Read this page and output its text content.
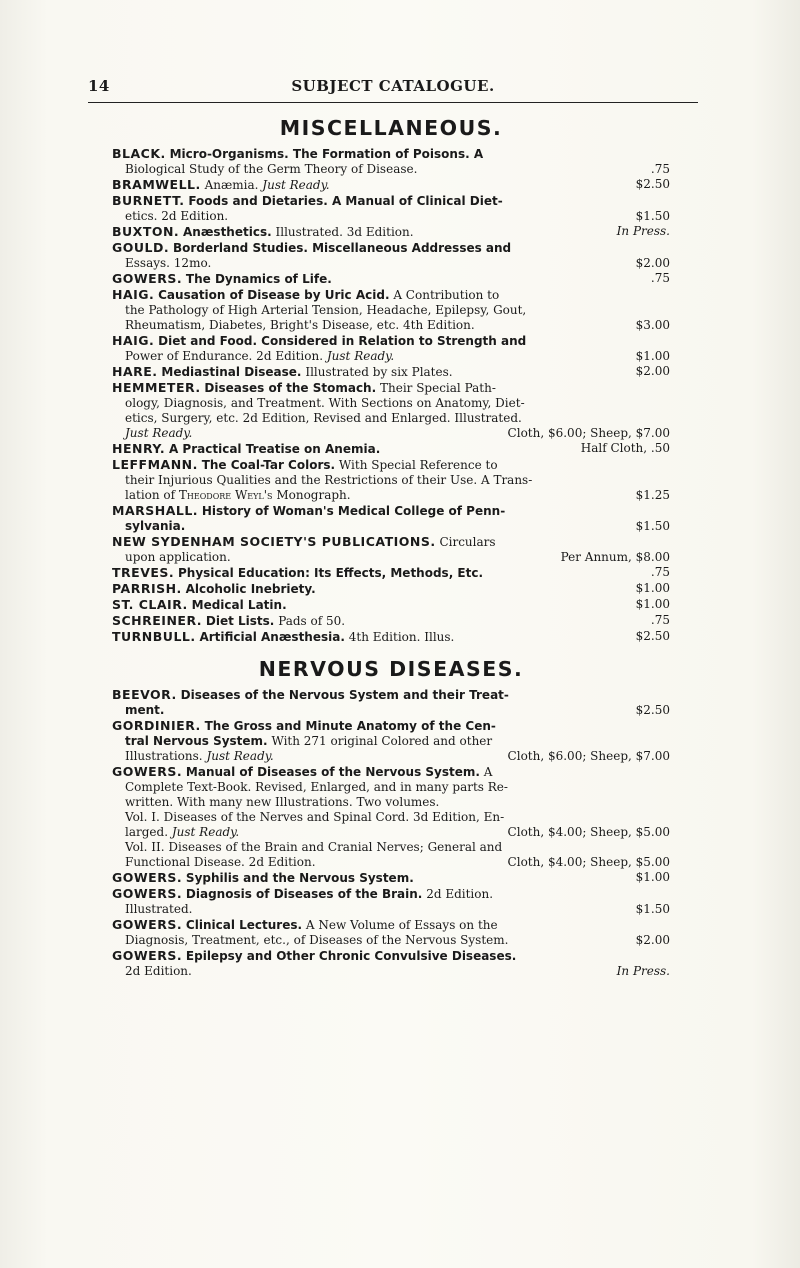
14	SUBJECT CATALOGUE.
MISCELLANEOUS.

BLACK. Micro-Organisms. The Formation of Poisons. A

.75
Biological Study of the Germ Theory of Disease.

$2.50
BRAMWELL. Anæmia. Just Ready.

BURNETT. Foods and Dietaries. A Manual of Clinical Diet-

$1.50
etics. 2d Edition.

In Press.
BUXTON. Anæsthetics. Illustrated. 3d Edition.

GOULD. Borderland Studies. Miscellaneous Addresses and

$2.00
Essays. 12mo.

.75
GOWERS. The Dynamics of Life.

HAIG. Causation of Disease by Uric Acid. A Contribution to
the Pathology of High Arterial Tension, Headache, Epilepsy, Gout,

$3.00
Rheumatism, Diabetes, Bright's Disease, etc. 4th Edition.

HAIG. Diet and Food. Considered in Relation to Strength and

$1.00
Power of Endurance. 2d Edition. Just Ready.

$2.00
HARE. Mediastinal Disease. Illustrated by six Plates.

HEMMETER. Diseases of the Stomach. Their Special Path-
ology, Diagnosis, and Treatment. With Sections on Anatomy, Diet-
etics, Surgery, etc. 2d Edition, Revised and Enlarged. Illustrated.

Cloth, $6.00; Sheep, $7.00
Just Ready.

Half Cloth, .50
HENRY. A Practical Treatise on Anemia.

LEFFMANN. The Coal-Tar Colors. With Special Reference to
their Injurious Qualities and the Restrictions of their Use. A Trans-

$1.25
lation of Theodore Weyl's Monograph.

MARSHALL. History of Woman's Medical College of Penn-

$1.50
sylvania.

NEW SYDENHAM SOCIETY'S PUBLICATIONS. Circulars

Per Annum, $8.00
upon application.

.75
TREVES. Physical Education: Its Effects, Methods, Etc.

$1.00
PARRISH. Alcoholic Inebriety.

$1.00
ST. CLAIR. Medical Latin.

.75
SCHREINER. Diet Lists. Pads of 50.

$2.50
TURNBULL. Artificial Anæsthesia. 4th Edition. Illus.

NERVOUS DISEASES.

BEEVOR. Diseases of the Nervous System and their Treat-

$2.50
ment.

GORDINIER. The Gross and Minute Anatomy of the Cen-
tral Nervous System. With 271 original Colored and other

Cloth, $6.00; Sheep, $7.00
Illustrations. Just Ready.

GOWERS. Manual of Diseases of the Nervous System. A
Complete Text-Book. Revised, Enlarged, and in many parts Re-
written. With many new Illustrations. Two volumes.
Vol. I. Diseases of the Nerves and Spinal Cord. 3d Edition, En-

Cloth, $4.00; Sheep, $5.00
larged. Just Ready.
Vol. II. Diseases of the Brain and Cranial Nerves; General and

Cloth, $4.00; Sheep, $5.00
Functional Disease. 2d Edition.

$1.00
GOWERS. Syphilis and the Nervous System.

GOWERS. Diagnosis of Diseases of the Brain. 2d Edition.

$1.50
Illustrated.

GOWERS. Clinical Lectures. A New Volume of Essays on the

$2.00
Diagnosis, Treatment, etc., of Diseases of the Nervous System.

GOWERS. Epilepsy and Other Chronic Convulsive Diseases.

In Press.
2d Edition.
